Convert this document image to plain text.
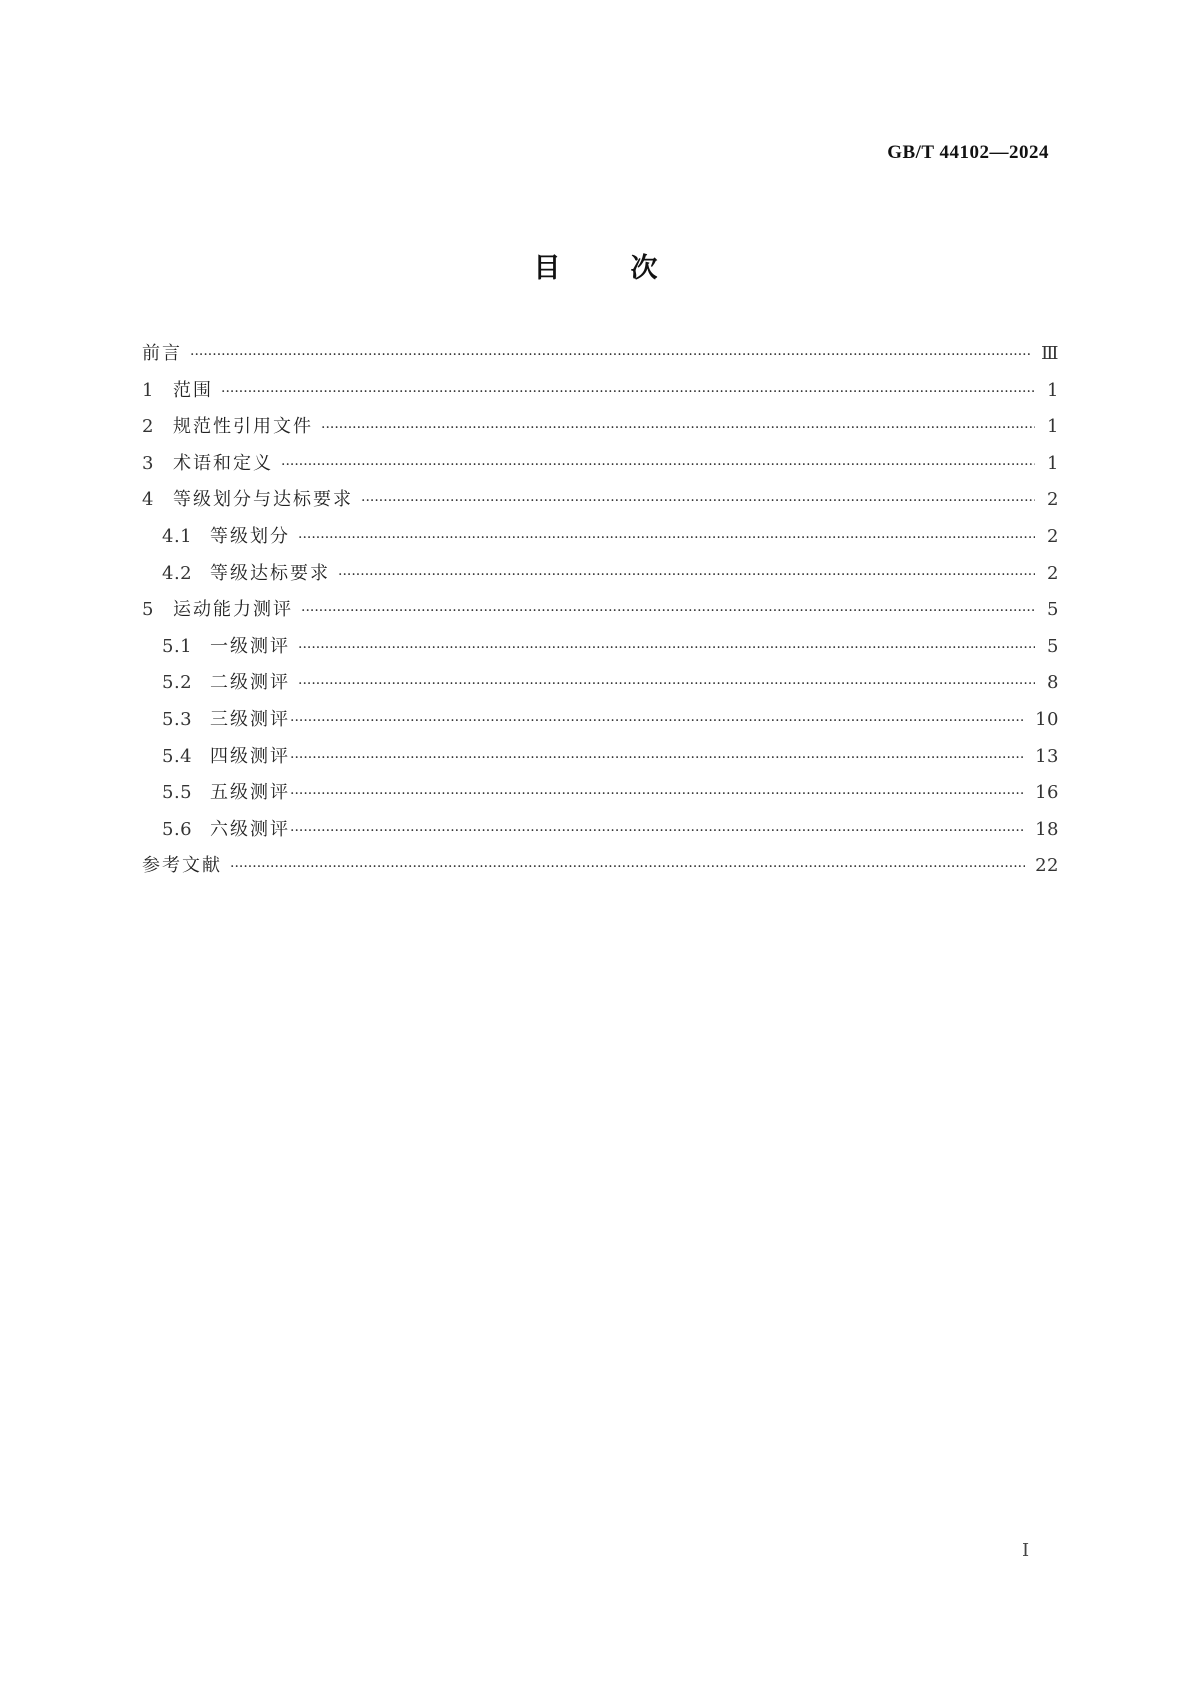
GB/T 44102—2024
目	次
前言 ·····	Ⅲ
1	范围 ·····	1
2	规范性引用文件 ·····	1
3	术语和定义 ·····	1
4	等级划分与达标要求 ·····	2
4.1 等级划分 ·····	2
4.2 等级达标要求 ·····	2
5	运动能力测评 ·····	5
5.1 一级测评 ·····	5
5.2 二级测评 ·····	8
5.3 三级测评 ·····	10
5.4 四级测评 ·····	13
5.5 五级测评 ·····	16
5.6 六级测评 ·····	18
参考文献 ·····	22
Ⅰ
